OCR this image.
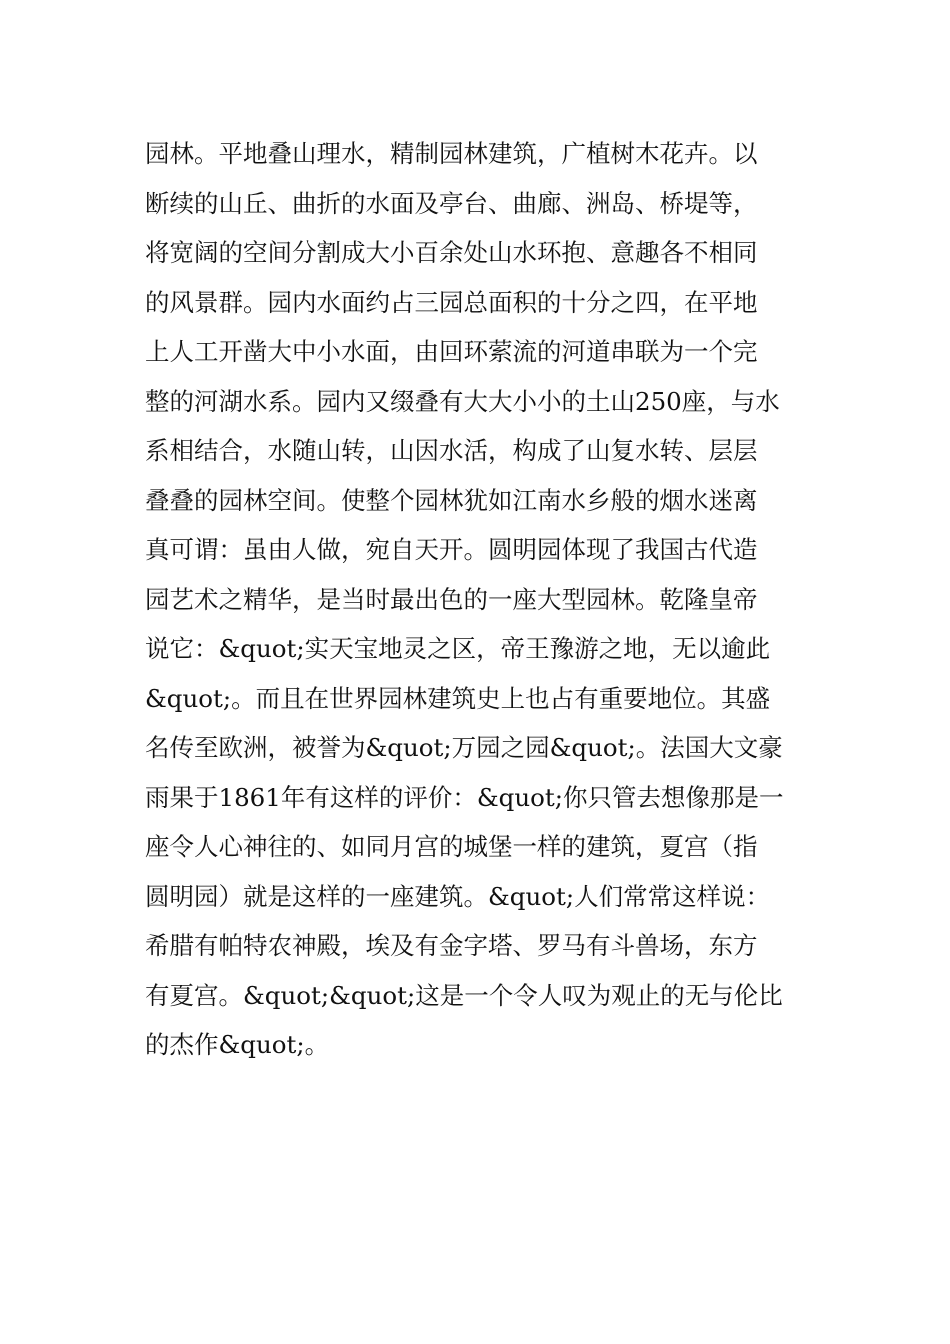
园林。平地叠山理水，精制园林建筑，广植树木花卉。以
断续的山丘、曲折的水面及亭台、曲廊、洲岛、桥堤等，
将宽阔的空间分割成大小百余处山水环抱、意趣各不相同
的风景群。园内水面约占三园总面积的十分之四，在平地
上人工开凿大中小水面，由回环萦流的河道串联为一个完
整的河湖水系。园内又缀叠有大大小小的土山250座，与水
系相结合，水随山转，山因水活，构成了山复水转、层层
叠叠的园林空间。使整个园林犹如江南水乡般的烟水迷离
真可谓：虽由人做，宛自天开。圆明园体现了我国古代造
园艺术之精华，是当时最出色的一座大型园林。乾隆皇帝
说它：&quot;实天宝地灵之区，帝王豫游之地，无以逾此
&quot;。而且在世界园林建筑史上也占有重要地位。其盛
名传至欧洲，被誉为&quot;万园之园&quot;。法国大文豪
雨果于1861年有这样的评价：&quot;你只管去想像那是一
座令人心神往的、如同月宫的城堡一样的建筑，夏宫（指
圆明园）就是这样的一座建筑。&quot;人们常常这样说：
希腊有帕特农神殿，埃及有金字塔、罗马有斗兽场，东方
有夏宫。&quot;&quot;这是一个令人叹为观止的无与伦比
的杰作&quot;。
